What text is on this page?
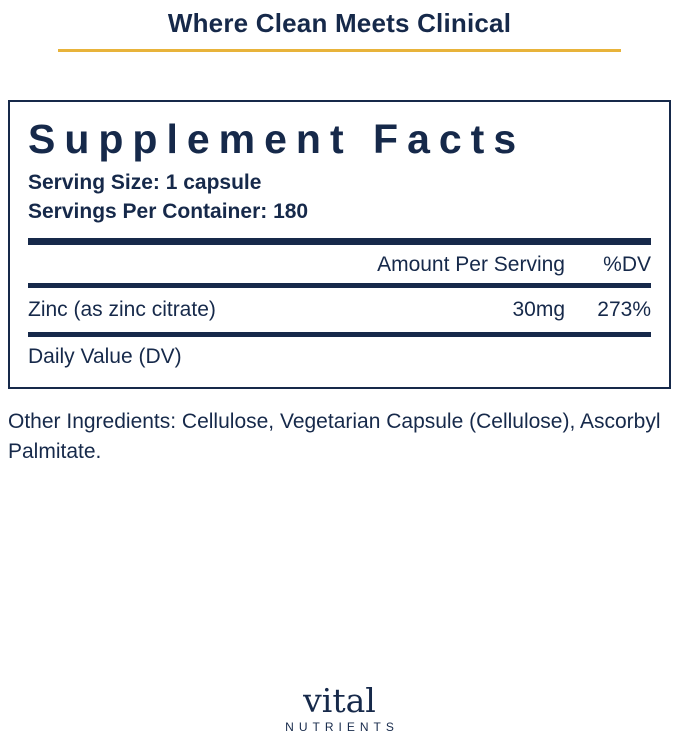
Where Clean Meets Clinical
Supplement Facts
Serving Size: 1 capsule
Servings Per Container: 180
Amount Per Serving	%DV
Zinc (as zinc citrate)	30mg	273%
Daily Value (DV)
Other Ingredients: Cellulose, Vegetarian Capsule (Cellulose), Ascorbyl Palmitate.
vital
NUTRIENTS
